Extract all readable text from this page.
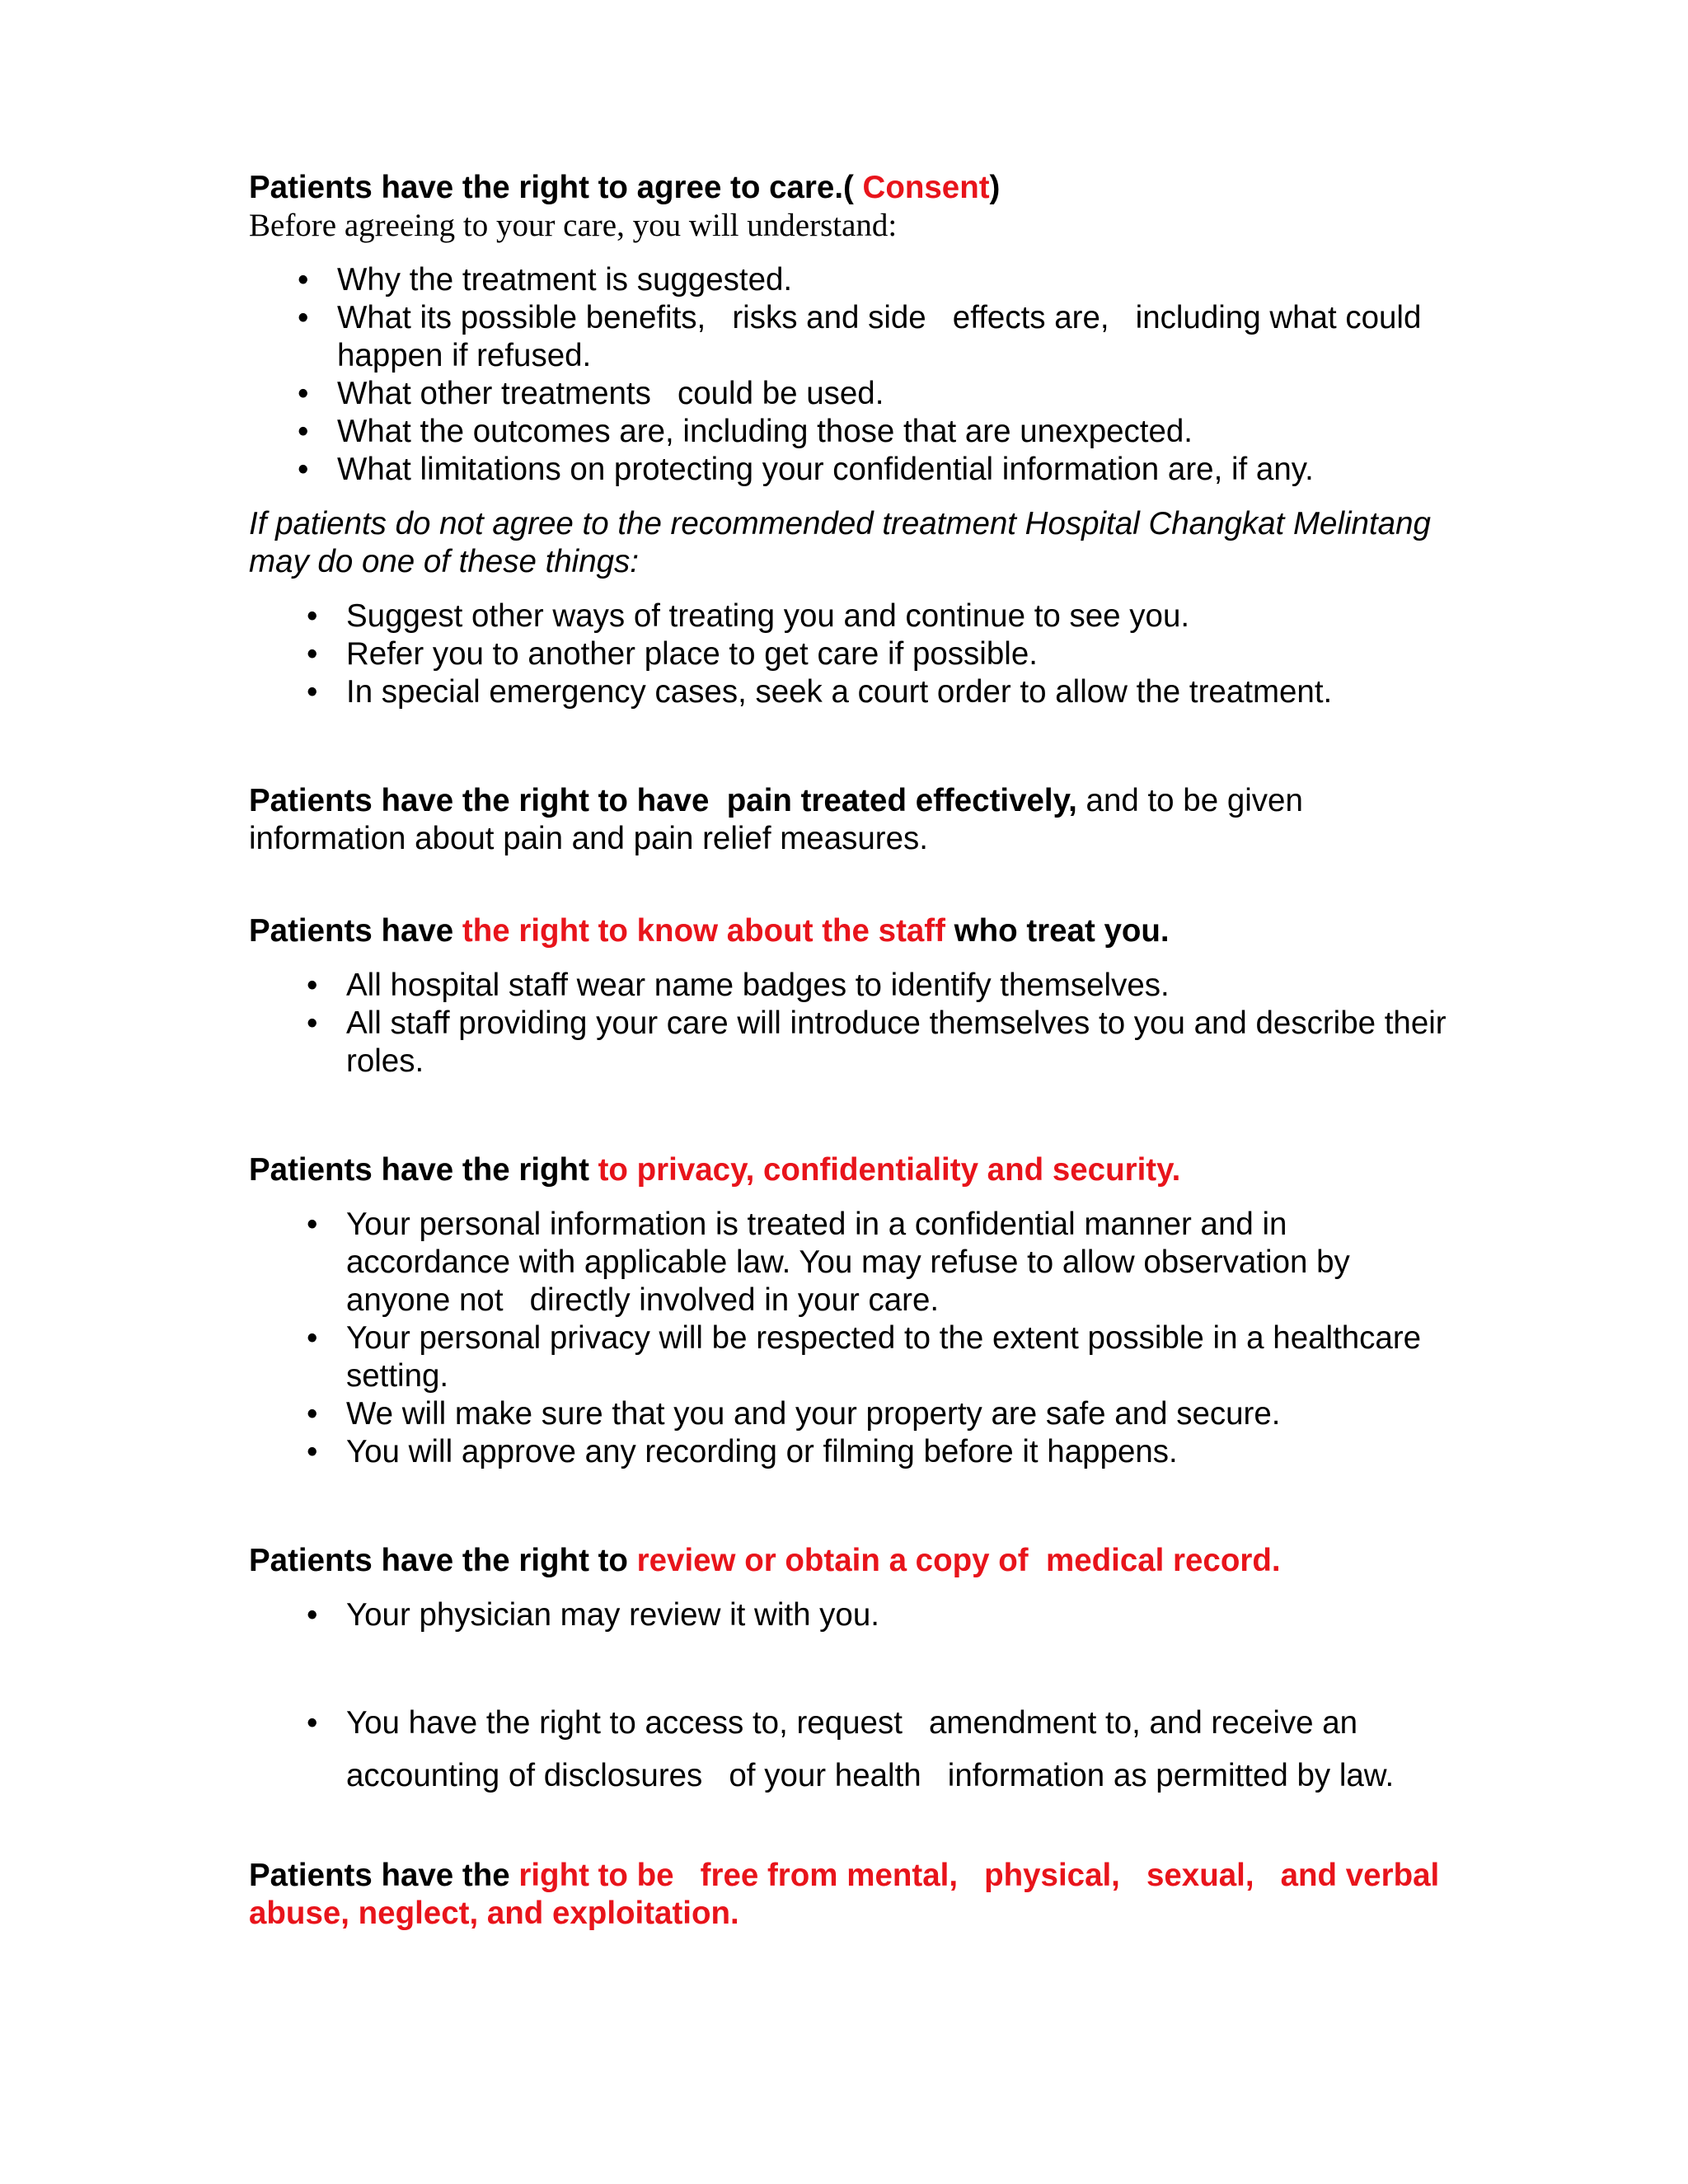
Patients have the right to agree to care.( Consent)

Before agreeing to your care, you will understand:

• Why the treatment is suggested.
• What its possible benefits,   risks and side   effects are,   including what could   happen if refused.
• What other treatments   could be used.
• What the outcomes are, including those that are unexpected.
• What limitations on protecting your confidential information are, if any.

If patients do not agree to the recommended treatment Hospital Changkat Melintang may do one of these things:

• Suggest other ways of treating you and continue to see you.
• Refer you to another place to get care if possible.
• In special emergency cases, seek a court order to allow the treatment.

Patients have the right to have  pain treated effectively, and to be given information about pain and pain relief measures.

Patients have the right to know about the staff who treat you.

• All hospital staff wear name badges to identify themselves.
• All staff providing your care will introduce themselves to you and describe their roles.

Patients have the right to privacy, confidentiality and security.

• Your personal information is treated in a confidential manner and in accordance with applicable law. You may refuse to allow observation by anyone not   directly involved in your care.
• Your personal privacy will be respected to the extent possible in a healthcare setting.
• We will make sure that you and your property are safe and secure.
• You will approve any recording or filming before it happens.

Patients have the right to review or obtain a copy of  medical record.

• Your physician may review it with you.
• You have the right to access to, request   amendment to, and receive an accounting of disclosures   of your health   information as permitted by law.

Patients have the right to be   free from mental,   physical,   sexual,   and verbal abuse, neglect, and exploitation.
